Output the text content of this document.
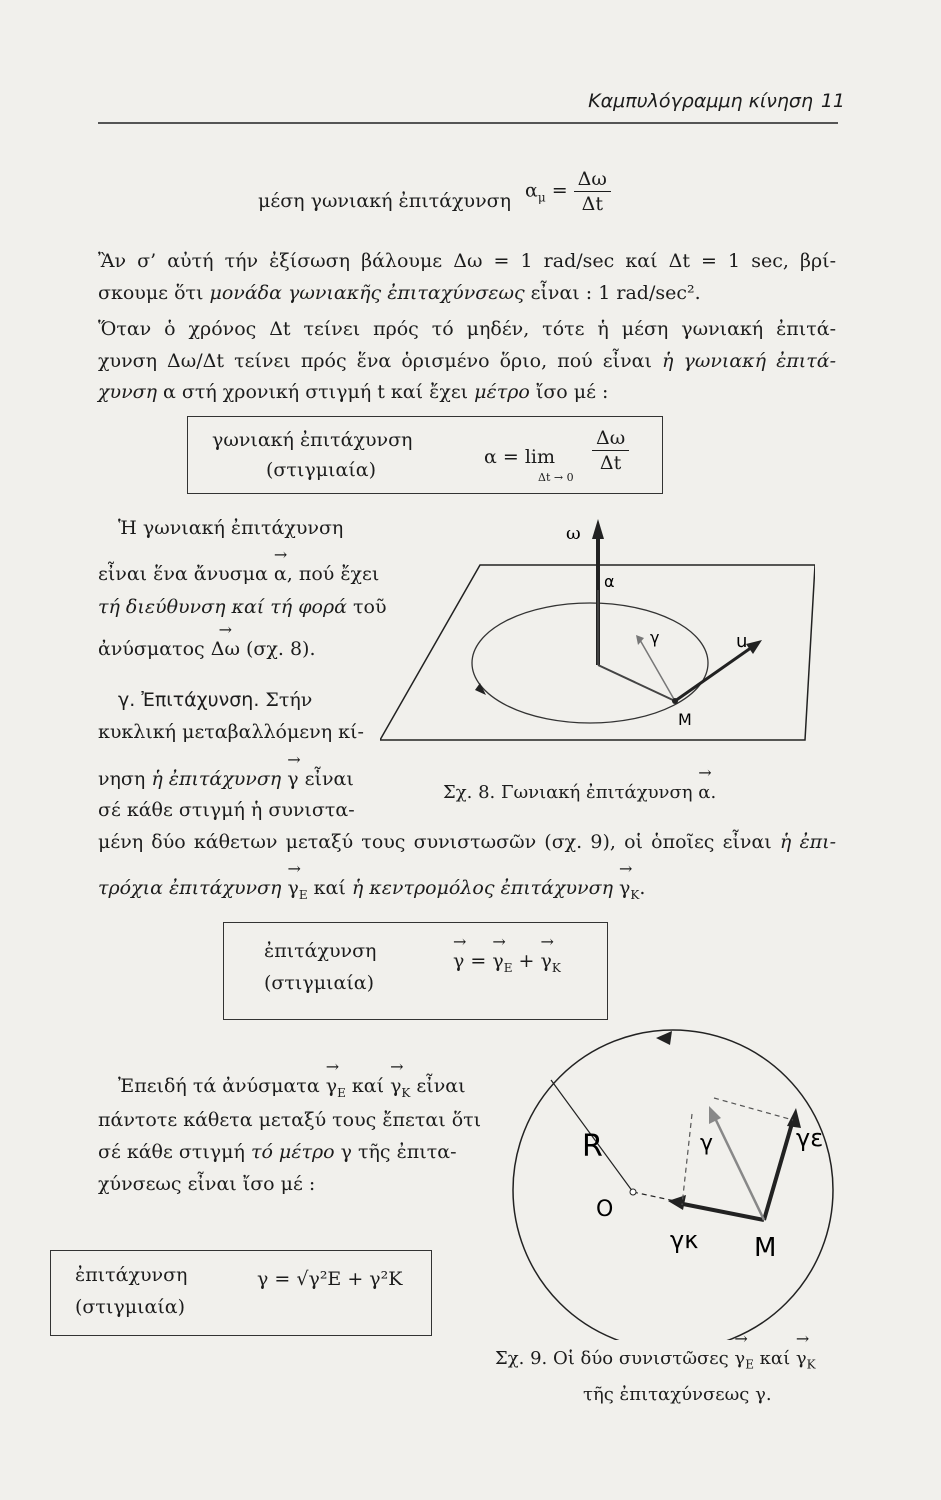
Καμπυλόγραμμη κίνηση 11
μέση γωνιακή ἐπιτάχυνση $\alpha_\mu = \frac{\Delta\omega}{\Delta t}$
Ἂν σ’ αὐτή τήν ἐξίσωση βάλουμε Δω = 1 rad/sec καί Δt = 1 sec, βρί-
σκουμε ὅτι μονάδα γωνιακῆς ἐπιταχύνσεως εἶναι : 1 rad/sec².
Ὅταν ὁ χρόνος Δt τείνει πρός τό μηδέν, τότε ἡ μέση γωνιακή ἐπιτά-
χυνση Δω/Δt τείνει πρός ἕνα ὁρισμένο ὅριο, πού εἶναι ἡ γωνιακή ἐπιτά-
χυνση α στή χρονική στιγμή t καί ἔχει μέτρο ἴσο μέ :
γωνιακή ἐπιτάχυνση
(στιγμιαία)
α = lim
Δt → 0
$\frac{\Delta\omega}{\Delta t}$
Ἡ γωνιακή ἐπιτάχυνση
εἶναι ἕνα ἄνυσμα → α, πού ἔχει
τή διεύθυνση καί τή φορά τοῦ
ἀνύσματος → Δω (σχ. 8).
γ. Ἐπιτάχυνση. Στήν
κυκλική μεταβαλλόμενη κί-
νηση ἡ ἐπιτάχυνση → γ εἶναι
σέ κάθε στιγμή ἡ συνιστα-
μένη δύο κάθετων μεταξύ τους συνιστωσῶν (σχ. 9), οἱ ὁποῖες εἶναι ἡ ἐπι-
τρόχια ἐπιτάχυνση → $\gamma_E$ καί ἡ κεντρομόλος ἐπιτάχυνση → $\gamma_K$.
ω
α
γ	u
M
Σχ. 8. Γωνιακή ἐπιτάχυνση → α.
ἐπιτάχυνση
(στιγμιαία)
→ γ = → $\gamma_E$ + → $\gamma_K$
Ἐπειδή τά ἀνύσματα → $\gamma_E$ $\kappa\alpha ί \to \gamma_K$ εἶναι
πάντοτε κάθετα μεταξύ τους ἔπεται ὅτι
σέ κάθε στιγμή τό μέτρο γ τῆς ἐπιτα-
χύνσεως εἶναι ἴσο μέ :
ἐπιτάχυνση
(στιγμιαία)
γ = √γ²Ε + γ²Κ
R
O
γ	γε
γκ M
Σχ. 9. Οἱ δύο συνιστῶσες → $\gamma_E$ $\kappa\alpha ί \to \gamma_K$
τῆς ἐπιταχύνσεως γ.
